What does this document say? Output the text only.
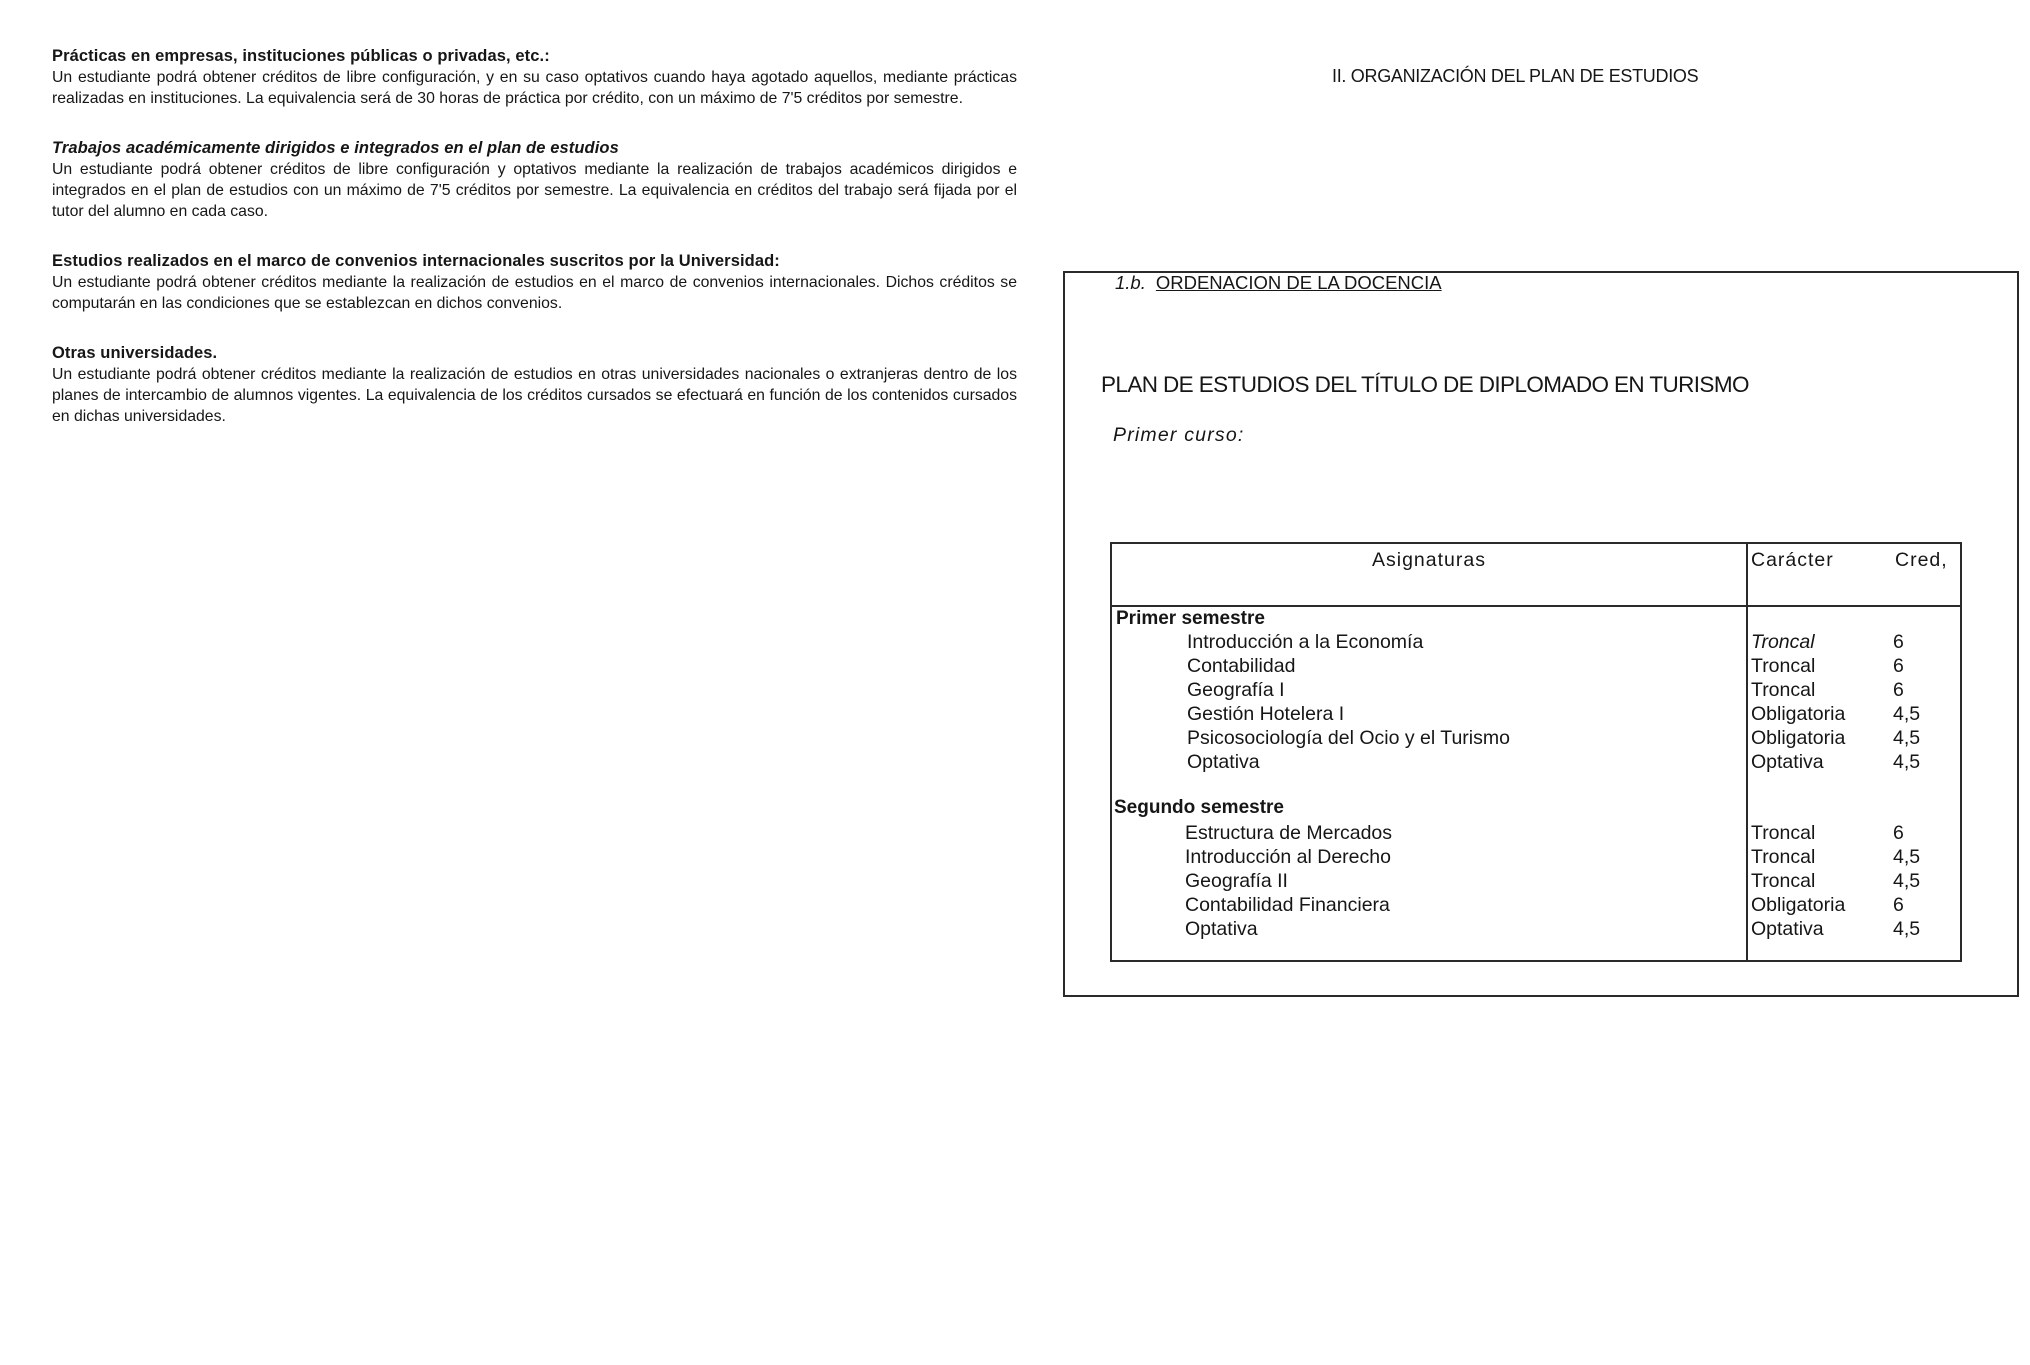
Prácticas en empresas, instituciones públicas o privadas, etc.:
Un estudiante podrá obtener créditos de libre configuración, y en su caso optativos cuando haya agotado aquellos, mediante prácticas realizadas en instituciones. La equivalencia será de 30 horas de práctica por crédito, con un máximo de 7'5 créditos por semestre.
Trabajos académicamente dirigidos e integrados en el plan de estudios
Un estudiante podrá obtener créditos de libre configuración y optativos mediante la realización de trabajos académicos dirigidos e integrados en el plan de estudios con un máximo de 7'5 créditos por semestre. La equivalencia en créditos del trabajo será fijada por el tutor del alumno en cada caso.
Estudios realizados en el marco de convenios internacionales suscritos por la Universidad:
Un estudiante podrá obtener créditos mediante la realización de estudios en el marco de convenios internacionales. Dichos créditos se computarán en las condiciones que se establezcan en dichos convenios.
Otras universidades.
Un estudiante podrá obtener créditos mediante la realización de estudios en otras universidades nacionales o extranjeras dentro de los planes de intercambio de alumnos vigentes. La equivalencia de los créditos cursados se efectuará en función de los contenidos cursados en dichas universidades.
II. ORGANIZACIÓN DEL PLAN DE ESTUDIOS
1.b. ORDENACION DE LA DOCENCIA
PLAN DE ESTUDIOS DEL TÍTULO DE DIPLOMADO EN TURISMO
Primer curso:
Asignaturas	Carácter	Cred,
Primer semestre
Introducción a la Economía	Troncal	6
Contabilidad	Troncal	6
Geografía I	Troncal	6
Gestión Hotelera I	Obligatoria 4,5
Psicosociología del Ocio y el Turismo	Obligatoria 4,5
Optativa	Optativa	4,5
Segundo semestre
Estructura de Mercados	Troncal	6
Introducción al Derecho	Troncal	4,5
Geografía II	Troncal	4,5
Contabilidad Financiera	Obligatoria 6
Optativa	Optativa	4,5
